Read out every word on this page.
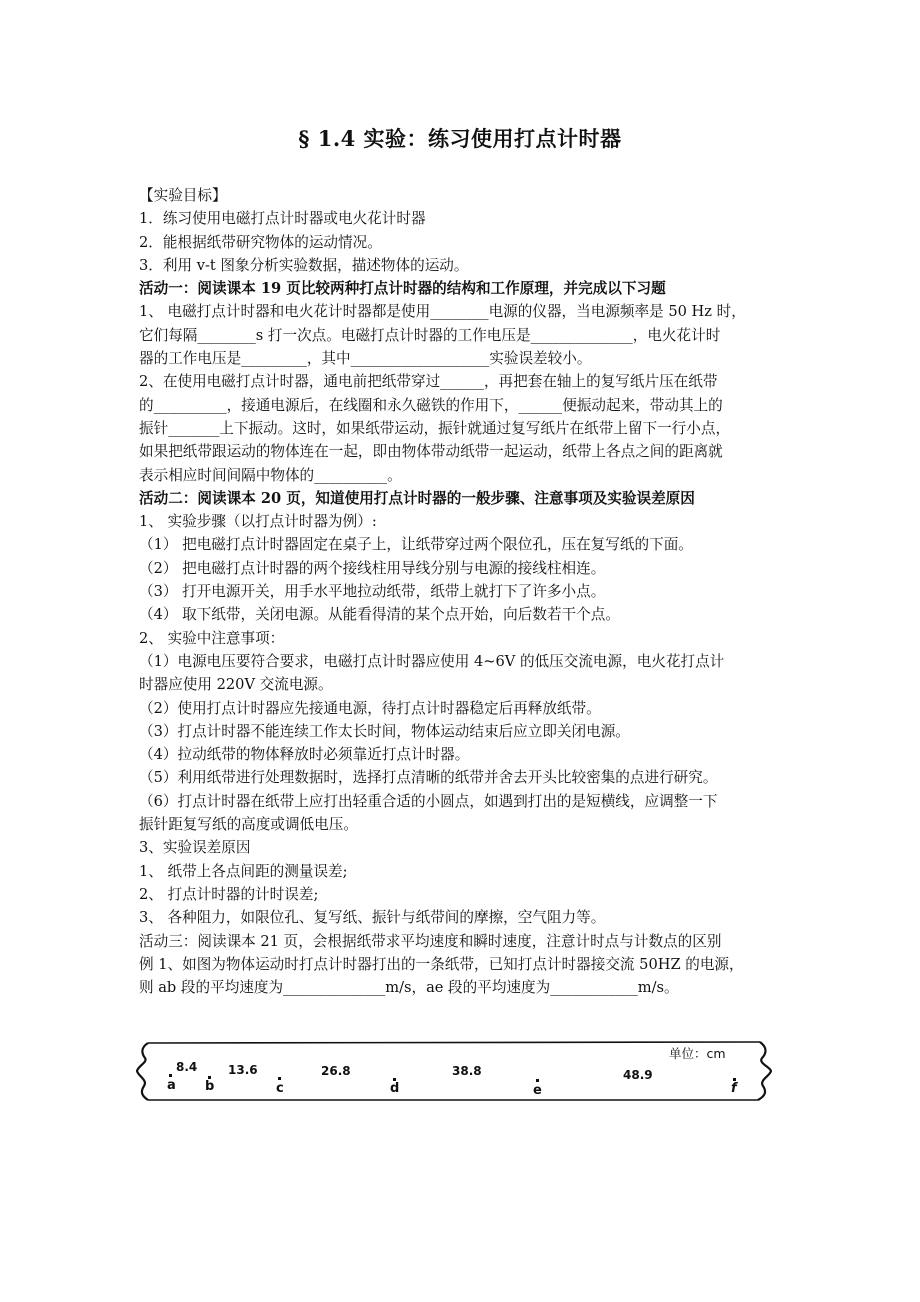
§ 1.4 实验：练习使用打点计时器
【实验目标】
1．练习使用电磁打点计时器或电火花计时器
2．能根据纸带研究物体的运动情况。
3．利用 v-t 图象分析实验数据，描述物体的运动。
活动一：阅读课本 19 页比较两种打点计时器的结构和工作原理，并完成以下习题
1、 电磁打点计时器和电火花计时器都是使用________电源的仪器，当电源频率是 50 Hz 时，
它们每隔________s 打一次点。电磁打点计时器的工作电压是______________，电火花计时
器的工作电压是_________，其中___________________实验误差较小。
2、在使用电磁打点计时器，通电前把纸带穿过______，再把套在轴上的复写纸片压在纸带
的__________，接通电源后，在线圈和永久磁铁的作用下，______便振动起来，带动其上的
振针_______上下振动。这时，如果纸带运动，振针就通过复写纸片在纸带上留下一行小点，
如果把纸带跟运动的物体连在一起，即由物体带动纸带一起运动，纸带上各点之间的距离就
表示相应时间间隔中物体的__________。
活动二：阅读课本 20 页，知道使用打点计时器的一般步骤、注意事项及实验误差原因
1、 实验步骤（以打点计时器为例）:
（1） 把电磁打点计时器固定在桌子上，让纸带穿过两个限位孔，压在复写纸的下面。
（2） 把电磁打点计时器的两个接线柱用导线分别与电源的接线柱相连。
（3） 打开电源开关，用手水平地拉动纸带，纸带上就打下了许多小点。
（4） 取下纸带，关闭电源。从能看得清的某个点开始，向后数若干个点。
2、 实验中注意事项：
（1）电源电压要符合要求，电磁打点计时器应使用 4~6V 的低压交流电源，电火花打点计
时器应使用 220V 交流电源。
（2）使用打点计时器应先接通电源，待打点计时器稳定后再释放纸带。
（3）打点计时器不能连续工作太长时间，物体运动结束后应立即关闭电源。
（4）拉动纸带的物体释放时必须靠近打点计时器。
（5）利用纸带进行处理数据时，选择打点清晰的纸带并舍去开头比较密集的点进行研究。
（6）打点计时器在纸带上应打出轻重合适的小圆点，如遇到打出的是短横线，应调整一下
振针距复写纸的高度或调低电压。
3、实验误差原因
1、 纸带上各点间距的测量误差;
2、 打点计时器的计时误差;
3、 各种阻力，如限位孔、复写纸、振针与纸带间的摩擦，空气阻力等。
活动三：阅读课本 21 页，会根据纸带求平均速度和瞬时速度，注意计时点与计数点的区别
例 1、如图为物体运动时打点计时器打出的一条纸带，已知打点计时器接交流 50HZ 的电源，
则 ab 段的平均速度为______________m/s，ae 段的平均速度为____________m/s。
单位：cm
8.4	13.6	26.8	38.8	48.9
a b	c	d	e	f
